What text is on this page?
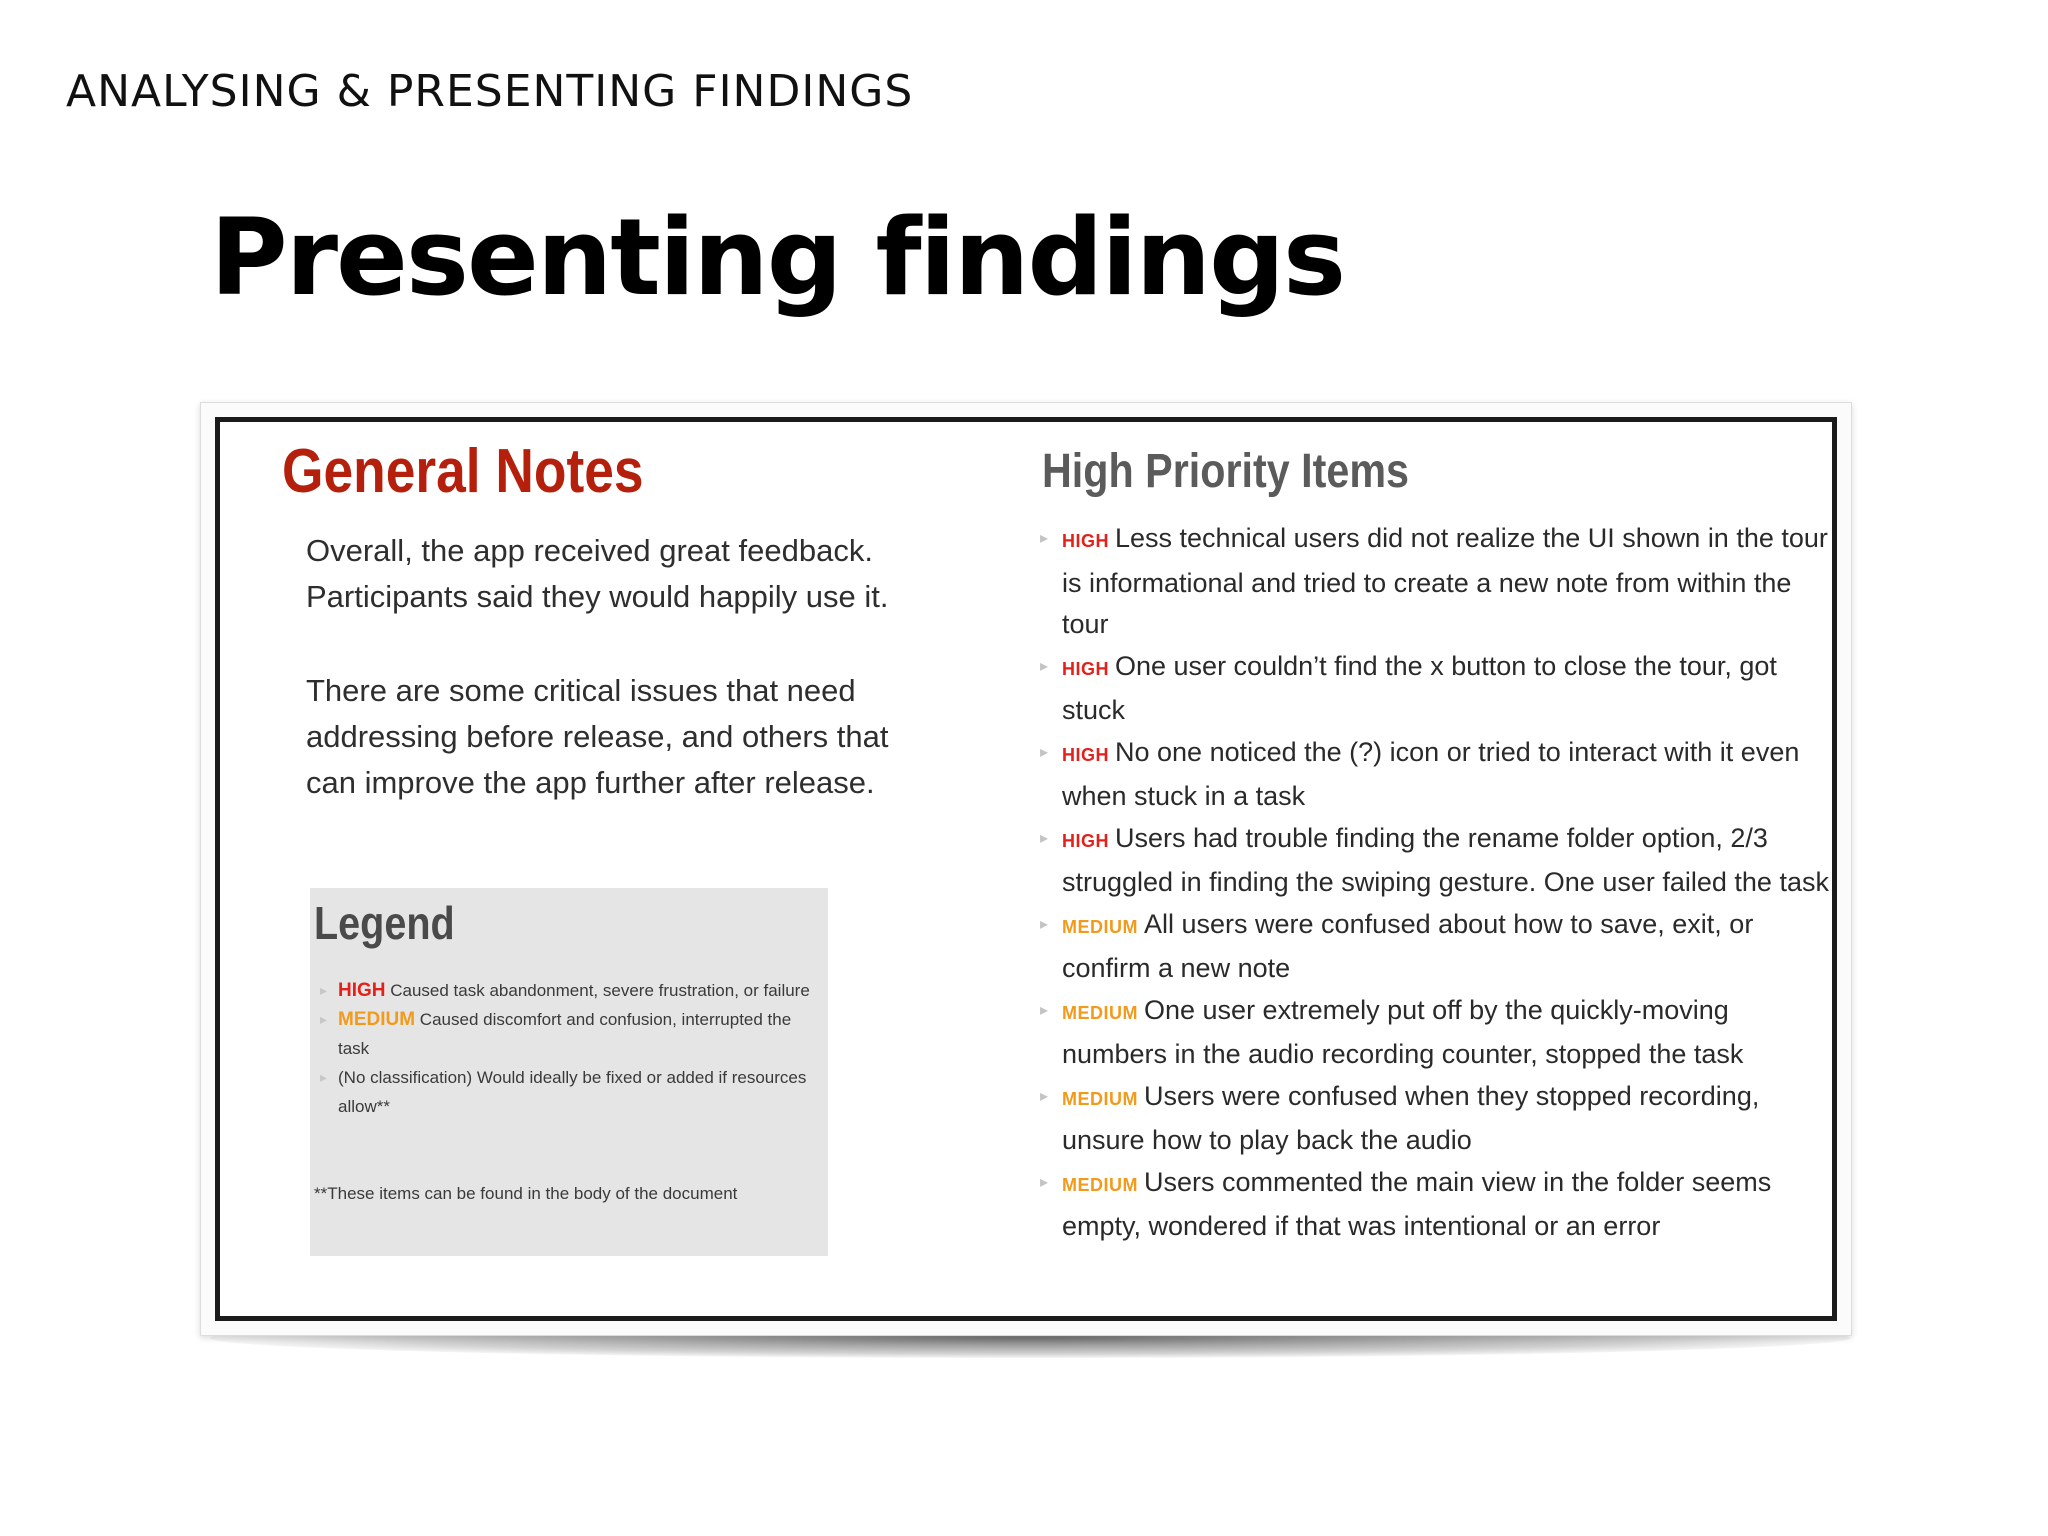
ANALYSING & PRESENTING FINDINGS
Presenting findings
General Notes

Overall, the app received great feedback. Participants said they would happily use it.

There are some critical issues that need addressing before release, and others that can improve the app further after release.

Legend
▸ HIGH Caused task abandonment, severe frustration, or failure
▸ MEDIUM Caused discomfort and confusion, interrupted the task
▸ (No classification) Would ideally be fixed or added if resources allow**
**These items can be found in the body of the document
High Priority Items
▸ HIGH Less technical users did not realize the UI shown in the tour is informational and tried to create a new note from within the tour
▸ HIGH One user couldn’t find the x button to close the tour, got stuck
▸ HIGH No one noticed the (?) icon or tried to interact with it even when stuck in a task
▸ HIGH Users had trouble finding the rename folder option, 2/3 struggled in finding the swiping gesture. One user failed the task
▸ MEDIUM All users were confused about how to save, exit, or confirm a new note
▸ MEDIUM One user extremely put off by the quickly-moving numbers in the audio recording counter, stopped the task
▸ MEDIUM Users were confused when they stopped recording, unsure how to play back the audio
▸ MEDIUM Users commented the main view in the folder seems empty, wondered if that was intentional or an error
